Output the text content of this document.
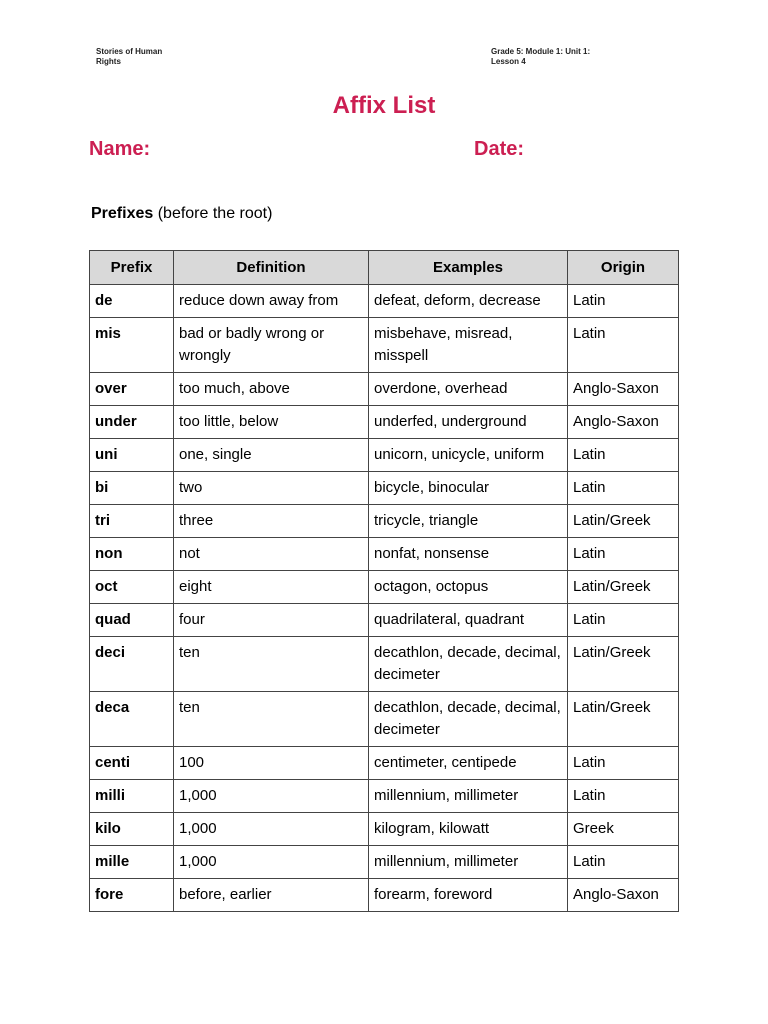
Stories of Human
Rights
Grade 5: Module 1: Unit 1:
Lesson 4
Affix List
Name:	Date:
Prefixes (before the root)
Prefix	Definition	Examples	Origin
de	reduce down away from	defeat, deform, decrease	Latin
mis	bad or badly wrong or wrongly	misbehave, misread, misspell	Latin
over	too much, above	overdone, overhead	Anglo-Saxon
under	too little, below	underfed, underground	Anglo-Saxon
uni	one, single	unicorn, unicycle, uniform	Latin
bi	two	bicycle, binocular	Latin
tri	three	tricycle, triangle	Latin/Greek
non	not	nonfat, nonsense	Latin
oct	eight	octagon, octopus	Latin/Greek
quad	four	quadrilateral, quadrant	Latin
deci	ten	decathlon, decade, decimal, decimeter	Latin/Greek
deca	ten	decathlon, decade, decimal, decimeter	Latin/Greek
centi	100	centimeter, centipede	Latin
milli	1,000	millennium, millimeter	Latin
kilo	1,000	kilogram, kilowatt	Greek
mille	1,000	millennium, millimeter	Latin
fore	before, earlier	forearm, foreword	Anglo-Saxon
